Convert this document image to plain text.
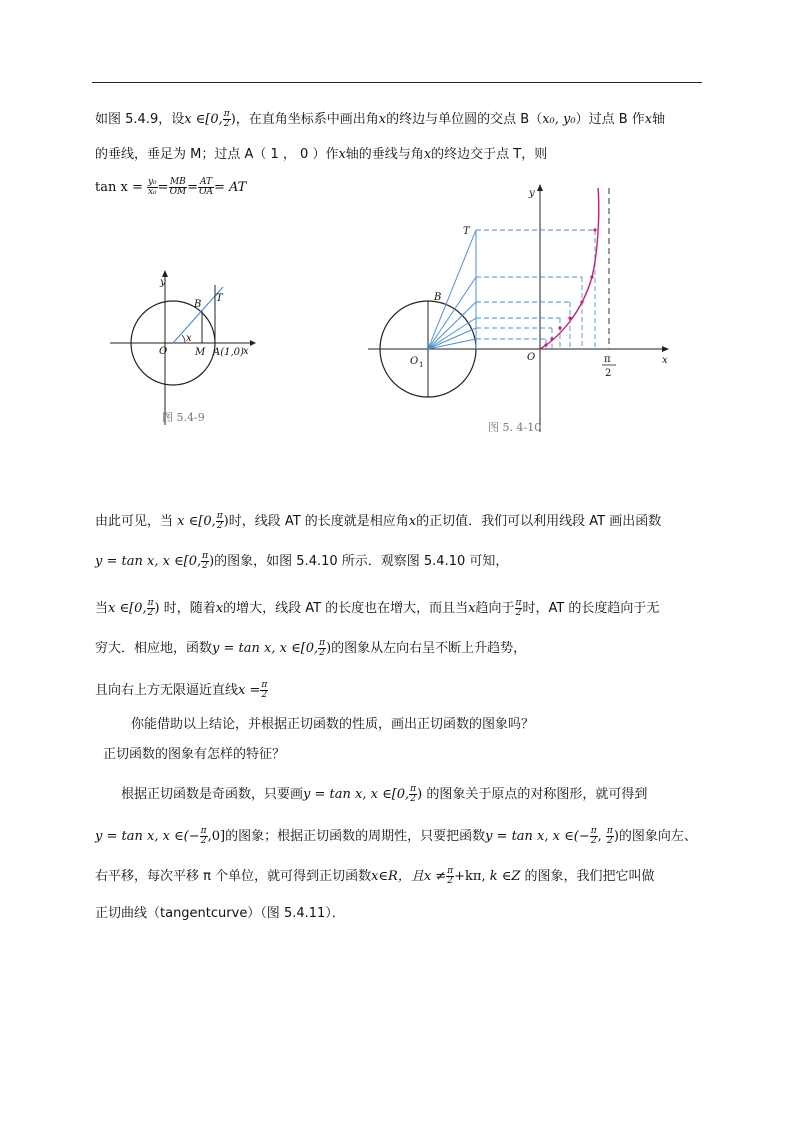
如图 5.4.9，设x ∈[0, $\frac{\pi}{2}$ )，在直角坐标系中画出角x的终边与单位圆的交点 B（x₀, y₀）过点 B 作x轴
的垂线，垂足为 M；过点 A（ 1 ， 0 ）作x轴的垂线与角x的终边交于点 T，则
$\tan x = \frac{\text{y₀}}{\text{x₀}} = \frac{MB}{OM} = \frac{AT}{OA}$ = AT
y
x
O	M A(1,0)
B
T
x
图 5.4-9
T
B
O 1
O
y
x
π
2
图 5. 4-10
由此可见，当 x ∈[0, $\frac{\pi}{2}$ )时，线段 AT 的长度就是相应角x的正切值．我们可以利用线段 AT 画出函数
y = tan x, x ∈[0, $\frac{\pi}{2}$ )的图象，如图 5.4.10 所示．观察图 5.4.10 可知，
当x ∈[0, $\frac{\pi}{2}$ ) 时，随着x的增大，线段 AT 的长度也在增大，而且当x趋向于 $\frac{\pi}{2}$ 时，AT 的长度趋向于无
穷大．相应地，函数y = tan x, x ∈[0, $\frac{\pi}{2}$ )的图象从左向右呈不断上升趋势，
且向右上方无限逼近直线$x = \frac{\pi}{2}$
你能借助以上结论，并根据正切函数的性质，画出正切函数的图象吗？
正切函数的图象有怎样的特征？
根据正切函数是奇函数，只要画y = tan x, x ∈[0, $\frac{\pi}{2}$ ) 的图象关于原点的对称图形，就可得到
y = tan x, x ∈(− $\frac{\pi}{2} ,0$]的图象；根据正切函数的周期性，只要把函数y = tan x, x ∈(− $\frac{\pi}{2}$ , $\frac{\pi}{2}$ )的图象向左、
右平移，每次平移 π 个单位，就可得到正切函数x∈R，且$x \ne \frac{\pi}{2} +k\pi$, k ∈Z 的图象，我们把它叫做
正切曲线（tangentcurve）（图 5.4.11）．
